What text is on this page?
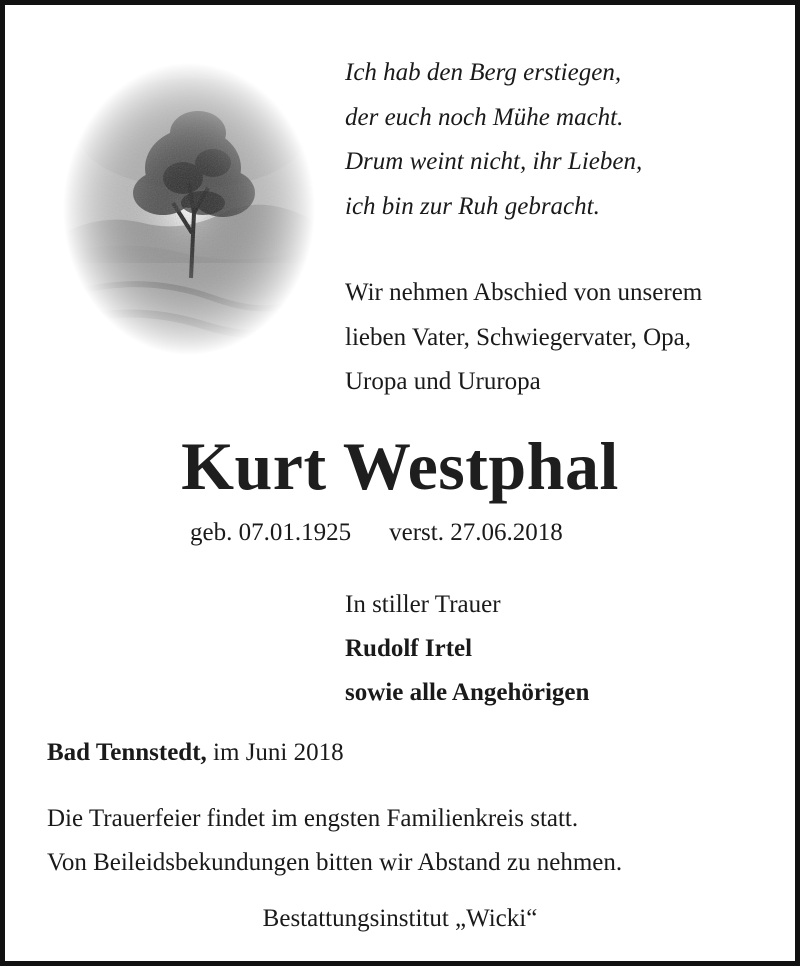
Ich hab den Berg erstiegen,
der euch noch Mühe macht.
Drum weint nicht, ihr Lieben,
ich bin zur Ruh gebracht.
Wir nehmen Abschied von unserem
lieben Vater, Schwiegervater, Opa,
Uropa und Ururopa
Kurt Westphal
geb. 07.01.1925 verst. 27.06.2018
In stiller Trauer
Rudolf Irtel
sowie alle Angehörigen
Bad Tennstedt, im Juni 2018
Die Trauerfeier findet im engsten Familienkreis statt.
Von Beileidsbekundungen bitten wir Abstand zu nehmen.
Bestattungsinstitut „Wicki“
